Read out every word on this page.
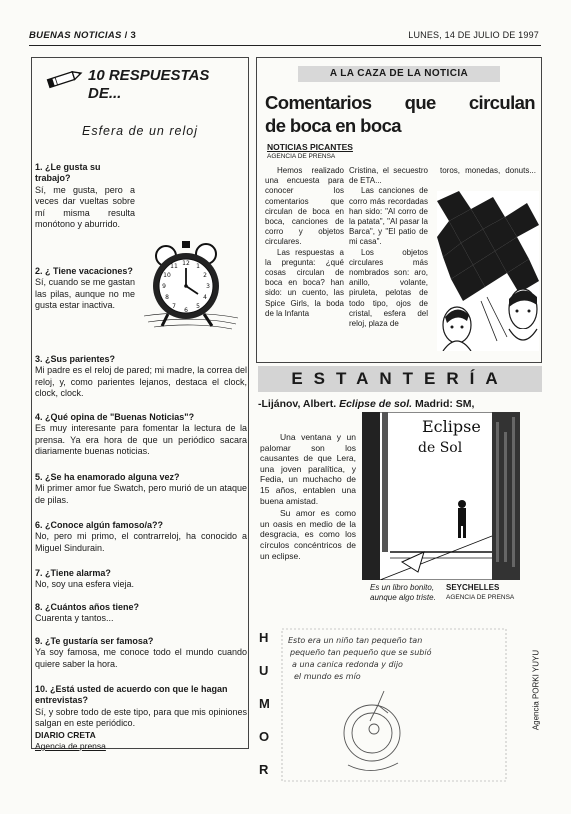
BUENAS NOTICIAS / 3	LUNES, 14 DE JULIO DE 1997
10 RESPUESTAS
DE...
Esfera de un reloj
1. ¿Le gusta su trabajo?
Sí, me gusta, pero a veces dar vueltas sobre mí misma resulta monótono y aburrido.
12 1
2
3
4
5
6
7
8
9
10
11
2. ¿ Tiene vacaciones?
Sí, cuando se me gastan las pilas, aunque no me gusta estar inactiva.
3. ¿Sus parientes?
Mi padre es el reloj de pared; mi madre, la correa del reloj, y, como parientes lejanos, destaca el clock, clock, clock.
4. ¿Qué opina de "Buenas Noticias"?
Es muy interesante para fomentar la lectura de la prensa. Ya era hora de que un periódico sacara diariamente buenas noticias.
5. ¿Se ha enamorado alguna vez?
Mi primer amor fue Swatch, pero murió de un ataque de pilas.
6. ¿Conoce algún famoso/a??
No, pero mi primo, el contrarreloj, ha conocido a Miguel Sindurain.
7. ¿Tiene alarma?
No, soy una esfera vieja.
8. ¿Cuántos años tiene?
Cuarenta y tantos...
9. ¿Te gustaría ser famosa?
Ya soy famosa, me conoce todo el mundo cuando quiere saber la hora.
10. ¿Está usted de acuerdo con que le hagan entrevistas?
Sí, y sobre todo de este tipo, para que mis opiniones salgan en este periódico.
DIARIO CRETA
Agencia de prensa
A LA CAZA DE LA NOTICIA
Comentarios que circulan
de boca en boca
NOTICIAS PICANTES
AGENCIA DE PRENSA
Hemos realizado una encuesta para conocer los comentarios que circulan de boca en boca, canciones de corro y objetos circulares.
Las respuestas a la pregunta: ¿qué cosas circulan de boca en boca? han sido: un cuento, las Spice Girls, la boda de la Infanta
Cristina, el secuestro de ETA...
Las canciones de corro más recordadas han sido: "Al corro de la patata", "Al pasar la Barca", y "El patio de mi casa".
Los objetos circulares más nombrados son: aro, anillo, volante, piruleta, pelotas de todo tipo, ojos de cristal, esfera del reloj, plaza de
toros, monedas, donuts...
ESTANTERÍA
-Lijánov, Albert. Eclipse de sol. Madrid: SM,
Una ventana y un palomar son los causantes de que Lera, una joven paralítica, y Fedia, un muchacho de 15 años, entablen una buena amistad.
Su amor es como un oasis en medio de la desgracia, es como los círculos concéntricos de un eclipse.
Eclipse
de Sol
Es un libro bonito, aunque algo triste.
SEYCHELLES
AGENCIA DE PRENSA
H
U
M
O
R
Esto era un niño tan pequeño tan
pequeño tan pequeño que se subió
a una canica redonda y dijo
el mundo es mío	Agencia PORKI YUYU
